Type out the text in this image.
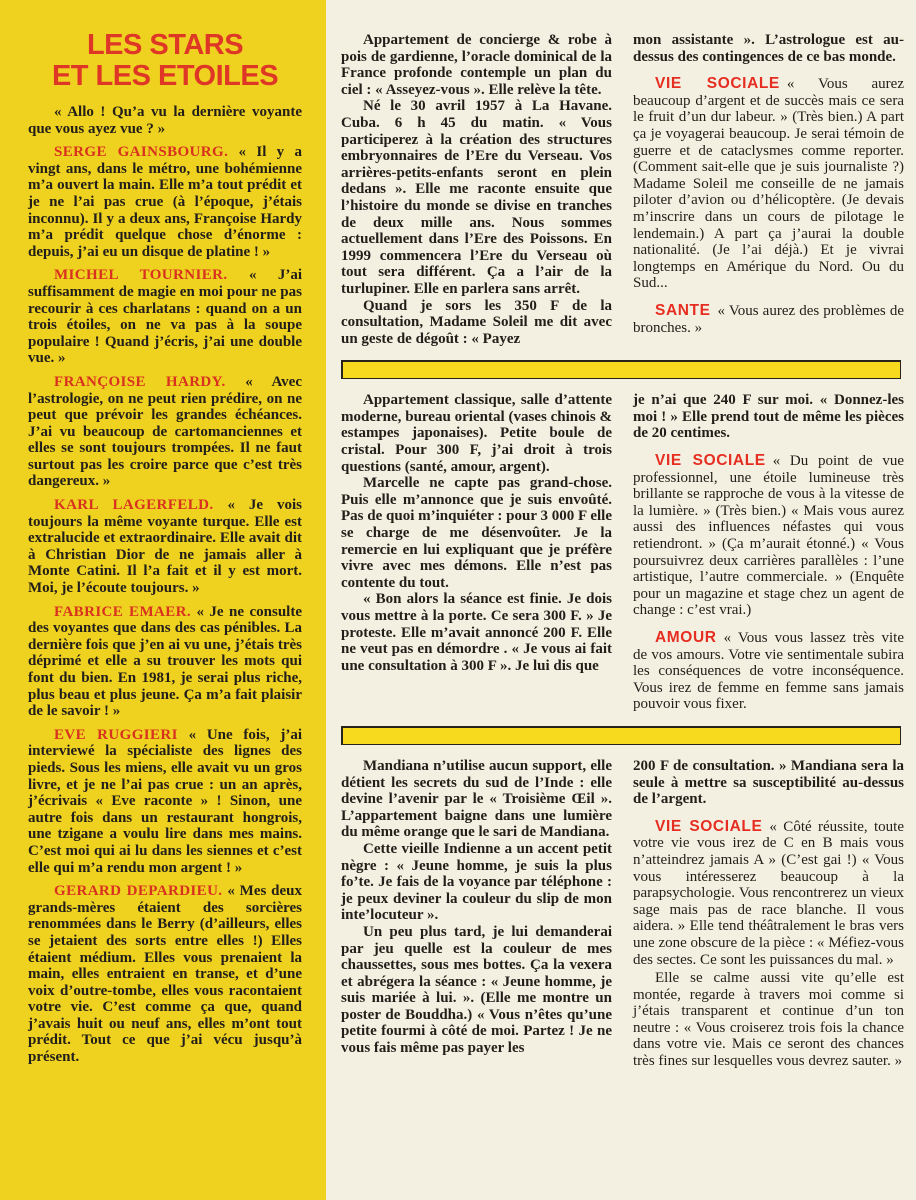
LES STARS
ET LES ETOILES

« Allo ! Qu’a vu la dernière voyante que vous ayez vue ? »

SERGE GAINSBOURG. « Il y a vingt ans, dans le métro, une bohémienne m’a ouvert la main. Elle m’a tout prédit et je ne l’ai pas crue (à l’époque, j’étais inconnu). Il y a deux ans, Françoise Hardy m’a prédit quelque chose d’énorme : depuis, j’ai eu un disque de platine ! »

MICHEL TOURNIER. « J’ai suffisamment de magie en moi pour ne pas recourir à ces charlatans : quand on a un trois étoiles, on ne va pas à la soupe populaire ! Quand j’écris, j’ai une double vue. »

FRANÇOISE HARDY. « Avec l’astrologie, on ne peut rien prédire, on ne peut que prévoir les grandes échéances. J’ai vu beaucoup de cartomanciennes et elles se sont toujours trompées. Il ne faut surtout pas les croire parce que c’est très dangereux. »

KARL LAGERFELD. « Je vois toujours la même voyante turque. Elle est extralucide et extraordinaire. Elle avait dit à Christian Dior de ne jamais aller à Monte Catini. Il l’a fait et il y est mort. Moi, je l’écoute toujours. »

FABRICE EMAER. « Je ne consulte des voyantes que dans des cas pénibles. La dernière fois que j’en ai vu une, j’étais très déprimé et elle a su trouver les mots qui font du bien. En 1981, je serai plus riche, plus beau et plus jeune. Ça m’a fait plaisir de le savoir ! »

EVE RUGGIERI « Une fois, j’ai interviewé la spécialiste des lignes des pieds. Sous les miens, elle avait vu un gros livre, et je ne l’ai pas crue : un an après, j’écrivais « Eve raconte » ! Sinon, une autre fois dans un restaurant hongrois, une tzigane a voulu lire dans mes mains. C’est moi qui ai lu dans les siennes et c’est elle qui m’a rendu mon argent ! »

GERARD DEPARDIEU. « Mes deux grands-mères étaient des sorcières renommées dans le Berry (d’ailleurs, elles se jetaient des sorts entre elles !) Elles étaient médium. Elles vous prenaient la main, elles entraient en transe, et d’une voix d’outre-tombe, elles vous racontaient votre vie. C’est comme ça que, quand j’avais huit ou neuf ans, elles m’ont tout prédit. Tout ce que j’ai vécu jusqu’à présent.

Appartement de concierge & robe à pois de gardienne, l’oracle dominical de la France profonde contemple un plan du ciel : « Asseyez-vous ». Elle relève la tête.

Né le 30 avril 1957 à La Havane. Cuba. 6 h 45 du matin. « Vous participerez à la création des structures embryonnaires de l’Ere du Verseau. Vos arrières-petits-enfants seront en plein dedans ». Elle me raconte ensuite que l’histoire du monde se divise en tranches de deux mille ans. Nous sommes actuellement dans l’Ere des Poissons. En 1999 commencera l’Ere du Verseau où tout sera différent. Ça a l’air de la turlupiner. Elle en parlera sans arrêt.

Quand je sors les 350 F de la consultation, Madame Soleil me dit avec un geste de dégoût : « Payez

mon assistante ». L’astrologue est au-dessus des contingences de ce bas monde.

VIE SOCIALE « Vous aurez beaucoup d’argent et de succès mais ce sera le fruit d’un dur labeur. » (Très bien.) A part ça je voyagerai beaucoup. Je serai témoin de guerre et de cataclysmes comme reporter. (Comment sait-elle que je suis journaliste ?) Madame Soleil me conseille de ne jamais piloter d’avion ou d’hélicoptère. (Je devais m’inscrire dans un cours de pilotage le lendemain.) A part ça j’aurai la double nationalité. (Je l’ai déjà.) Et je vivrai longtemps en Amérique du Nord. Ou du Sud...

SANTE « Vous aurez des problèmes de bronches. »

Appartement classique, salle d’attente moderne, bureau oriental (vases chinois & estampes japonaises). Petite boule de cristal. Pour 300 F, j’ai droit à trois questions (santé, amour, argent).

Marcelle ne capte pas grand-chose. Puis elle m’annonce que je suis envoûté. Pas de quoi m’inquiéter : pour 3 000 F elle se charge de me désenvoûter. Je la remercie en lui expliquant que je préfère vivre avec mes démons. Elle n’est pas contente du tout.

« Bon alors la séance est finie. Je dois vous mettre à la porte. Ce sera 300 F. » Je proteste. Elle m’avait annoncé 200 F. Elle ne veut pas en démordre . « Je vous ai fait une consultation à 300 F ». Je lui dis que

je n’ai que 240 F sur moi. « Donnez-les moi ! » Elle prend tout de même les pièces de 20 centimes.

VIE SOCIALE « Du point de vue professionnel, une étoile lumineuse très brillante se rapproche de vous à la vitesse de la lumière. » (Très bien.) « Mais vous aurez aussi des influences néfastes qui vous retiendront. » (Ça m’aurait étonné.) « Vous poursuivrez deux carrières parallèles : l’une artistique, l’autre commerciale. » (Enquête pour un magazine et stage chez un agent de change : c’est vrai.)

AMOUR « Vous vous lassez très vite de vos amours. Votre vie sentimentale subira les conséquences de votre inconséquence. Vous irez de femme en femme sans jamais pouvoir vous fixer.

Mandiana n’utilise aucun support, elle détient les secrets du sud de l’Inde : elle devine l’avenir par le « Troisième Œil ». L’appartement baigne dans une lumière du même orange que le sari de Mandiana.

Cette vieille Indienne a un accent petit nègre : « Jeune homme, je suis la plus fo’te. Je fais de la voyance par téléphone : je peux deviner la couleur du slip de mon inte’locuteur ».

Un peu plus tard, je lui demanderai par jeu quelle est la couleur de mes chaussettes, sous mes bottes. Ça la vexera et abrégera la séance : « Jeune homme, je suis mariée à lui. ». (Elle me montre un poster de Bouddha.) « Vous n’êtes qu’une petite fourmi à côté de moi. Partez ! Je ne vous fais même pas payer les

200 F de consultation. » Mandiana sera la seule à mettre sa susceptibilité au-dessus de l’argent.

VIE SOCIALE « Côté réussite, toute votre vie vous irez de C en B mais vous n’atteindrez jamais A » (C’est gai !) « Vous vous intéresserez beaucoup à la parapsychologie. Vous rencontrerez un vieux sage mais pas de race blanche. Il vous aidera. » Elle tend théâtralement le bras vers une zone obscure de la pièce : « Méfiez-vous des sectes. Ce sont les puissances du mal. »

Elle se calme aussi vite qu’elle est montée, regarde à travers moi comme si j’étais transparent et continue d’un ton neutre : « Vous croiserez trois fois la chance dans votre vie. Mais ce seront des chances très fines sur lesquelles vous devrez sauter. »
